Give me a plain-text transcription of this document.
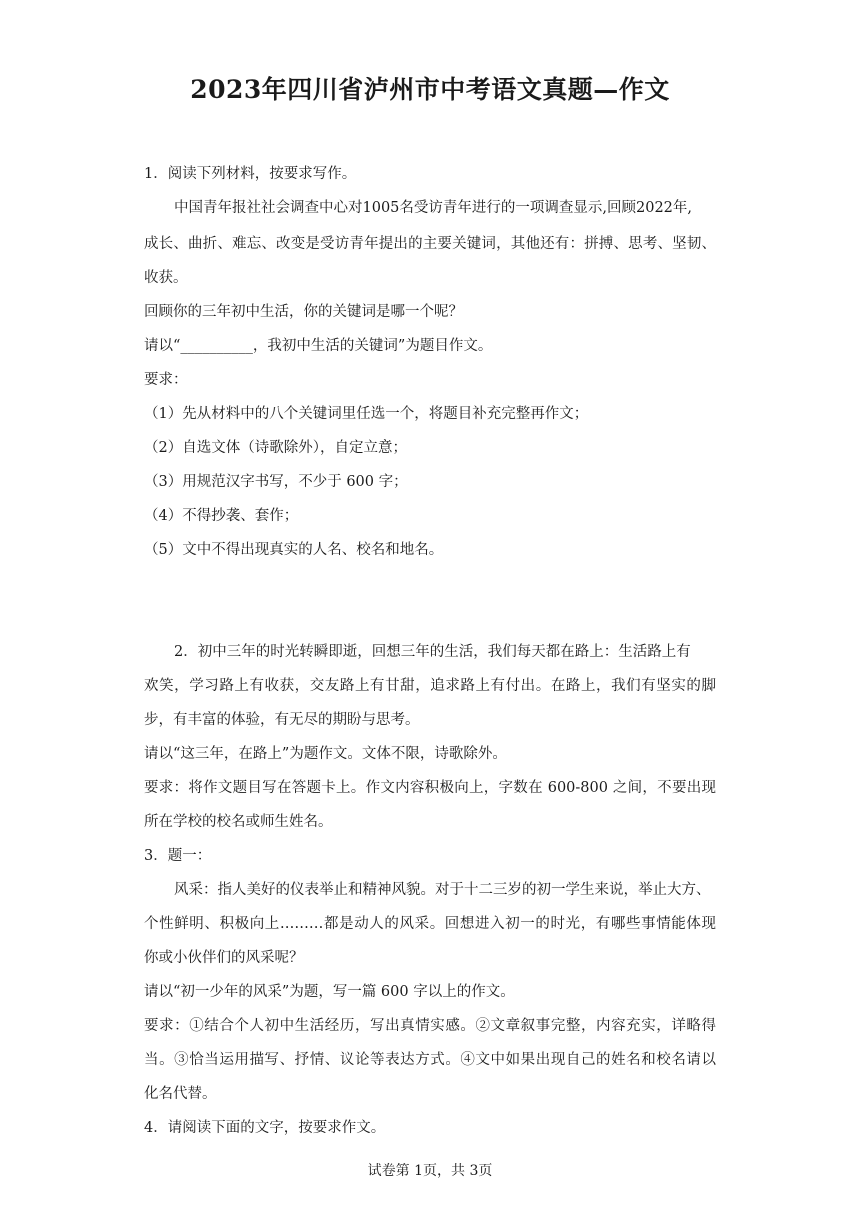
2023年四川省泸州市中考语文真题—作文
1．阅读下列材料，按要求写作。
中国青年报社社会调查中心对1005名受访青年进行的一项调查显示,回顾2022年,
成长、曲折、难忘、改变是受访青年提出的主要关键词，其他还有：拼搏、思考、坚韧、
收获。
回顾你的三年初中生活，你的关键词是哪一个呢？
请以“__________，我初中生活的关键词”为题目作文。
要求：
（1）先从材料中的八个关键词里任选一个，将题目补充完整再作文；
（2）自选文体（诗歌除外），自定立意；
（3）用规范汉字书写，不少于 600 字；
（4）不得抄袭、套作；
（5）文中不得出现真实的人名、校名和地名。
2．初中三年的时光转瞬即逝，回想三年的生活，我们每天都在路上：生活路上有
欢笑，学习路上有收获，交友路上有甘甜，追求路上有付出。在路上，我们有坚实的脚
步，有丰富的体验，有无尽的期盼与思考。
请以“这三年，在路上”为题作文。文体不限，诗歌除外。
要求：将作文题目写在答题卡上。作文内容积极向上，字数在 600-800 之间，不要出现
所在学校的校名或师生姓名。
3．题一：
风采：指人美好的仪表举止和精神风貌。对于十二三岁的初一学生来说，举止大方、
个性鲜明、积极向上………都是动人的风采。回想进入初一的时光，有哪些事情能体现
你或小伙伴们的风采呢？
请以“初一少年的风采”为题，写一篇 600 字以上的作文。
要求：①结合个人初中生活经历，写出真情实感。②文章叙事完整，内容充实，详略得
当。③恰当运用描写、抒情、议论等表达方式。④文中如果出现自己的姓名和校名请以
化名代替。
4．请阅读下面的文字，按要求作文。
试卷第 1页，共 3页
